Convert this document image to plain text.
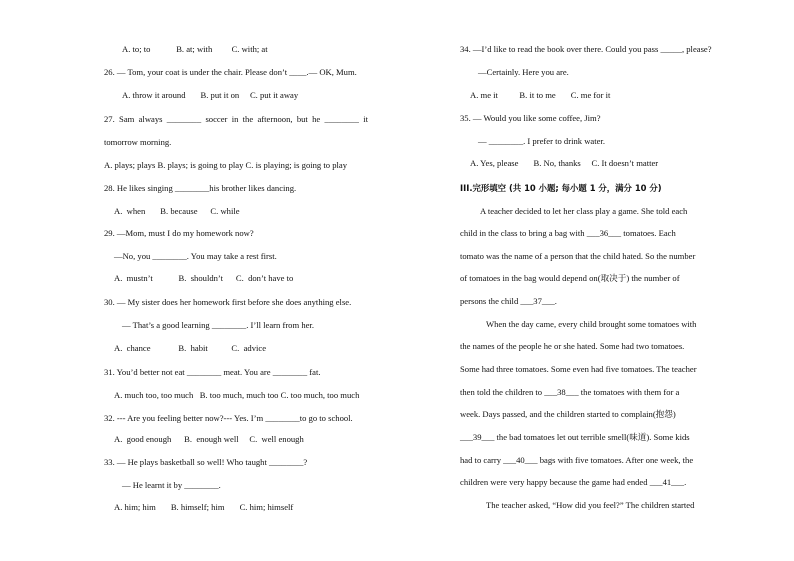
A. to; to            B. at; with         C. with; at
26. — Tom, your coat is under the chair. Please don’t ____.— OK, Mum.
A. throw it around       B. put it on     C. put it away
27.  Sam  always  ________  soccer  in  the  afternoon,  but  he  ________  it
tomorrow morning.
A. plays; plays B. plays; is going to play C. is playing; is going to play
28. He likes singing ________his brother likes dancing.
A.  when       B. because      C. while
29. —Mom, must I do my homework now?
—No, you ________. You may take a rest first.
A.  mustn’t            B.  shouldn’t      C.  don’t have to
30. — My sister does her homework first before she does anything else.
— That’s a good learning ________. I’ll learn from her.
A.  chance             B.  habit           C.  advice
31. You’d better not eat ________ meat. You are ________ fat.
A. much too, too much   B. too much, much too C. too much, too much
32. --- Are you feeling better now?--- Yes. I’m ________to go to school.
A.  good enough      B.  enough well     C.  well enough
33. — He plays basketball so well! Who taught ________?
— He learnt it by ________.
A. him; him       B. himself; him       C. him; himself
34. —I’d like to read the book over there. Could you pass _____, please?
—Certainly. Here you are.
A. me it          B. it to me       C. me for it
35. — Would you like some coffee, Jim?
— ________. I prefer to drink water.
A. Yes, please       B. No, thanks     C. It doesn’t matter
III.完形填空 (共 10 小题; 每小题 1 分，满分 10 分)
A teacher decided to let her class play a game. She told each
child in the class to bring a bag with ___36___ tomatoes. Each
tomato was the name of a person that the child hated. So the number
of tomatoes in the bag would depend on(取决于) the number of
persons the child ___37___.
When the day came, every child brought some tomatoes with
the names of the people he or she hated. Some had two tomatoes.
Some had three tomatoes. Some even had five tomatoes. The teacher
then told the children to ___38___ the tomatoes with them for a
week. Days passed, and the children started to complain(抱怨)
___39___ the bad tomatoes let out terrible smell(味道). Some kids
had to carry ___40___ bags with five tomatoes. After one week, the
children were very happy because the game had ended ___41___.
The teacher asked, “How did you feel?” The children started
